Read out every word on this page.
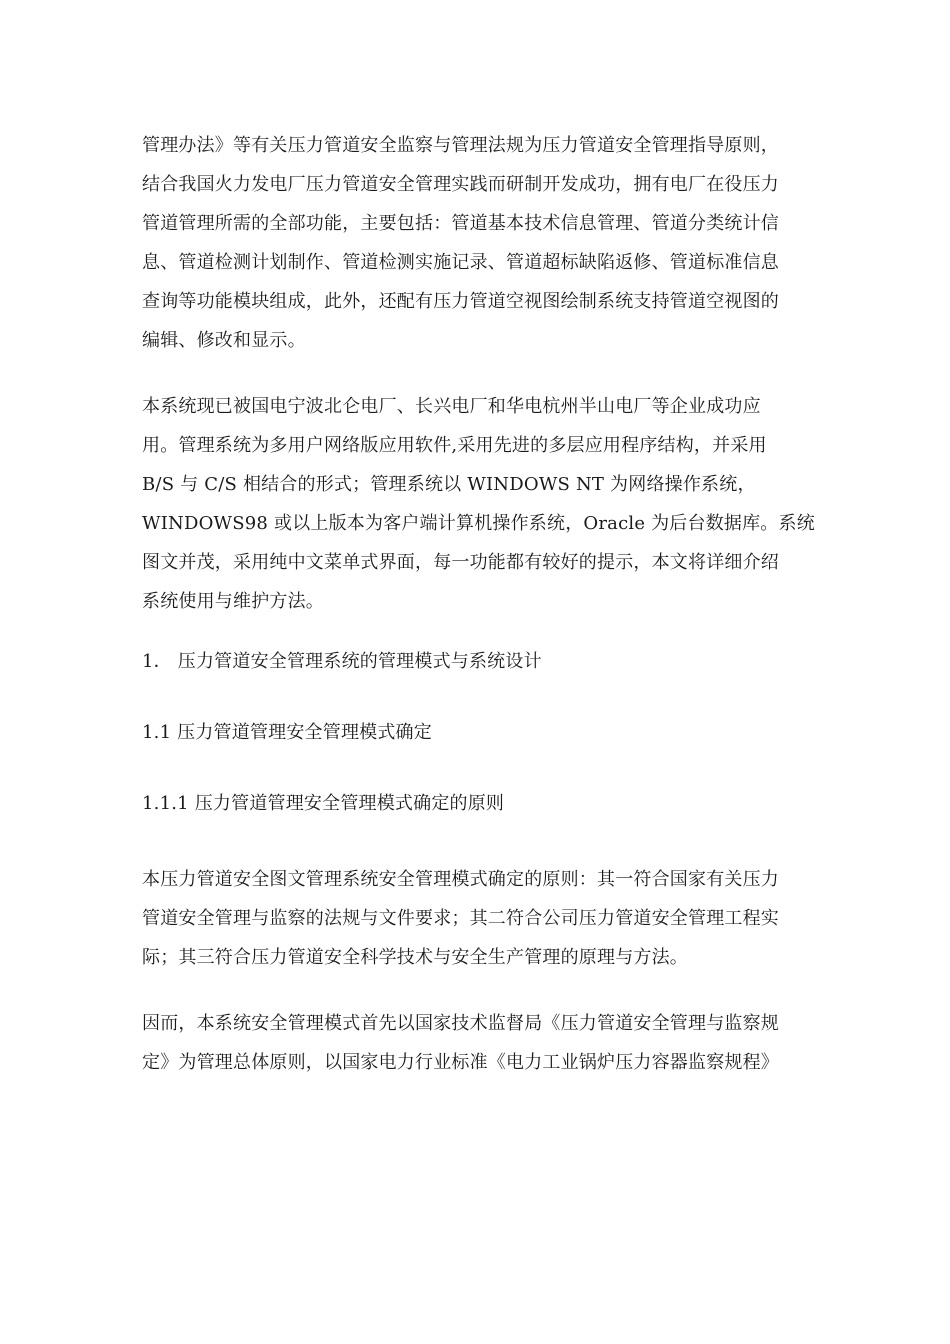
管理办法》等有关压力管道安全监察与管理法规为压力管道安全管理指导原则，
结合我国火力发电厂压力管道安全管理实践而研制开发成功，拥有电厂在役压力
管道管理所需的全部功能，主要包括：管道基本技术信息管理、管道分类统计信
息、管道检测计划制作、管道检测实施记录、管道超标缺陷返修、管道标准信息
查询等功能模块组成，此外，还配有压力管道空视图绘制系统支持管道空视图的
编辑、修改和显示。
本系统现已被国电宁波北仑电厂、长兴电厂和华电杭州半山电厂等企业成功应
用。管理系统为多用户网络版应用软件,采用先进的多层应用程序结构，并采用
B/S 与 C/S 相结合的形式；管理系统以 WINDOWS NT 为网络操作系统，
WINDOWS98 或以上版本为客户端计算机操作系统，Oracle 为后台数据库。系统
图文并茂，采用纯中文菜单式界面，每一功能都有较好的提示，本文将详细介绍
系统使用与维护方法。
1． 压力管道安全管理系统的管理模式与系统设计
1.1 压力管道管理安全管理模式确定
1.1.1 压力管道管理安全管理模式确定的原则
本压力管道安全图文管理系统安全管理模式确定的原则：其一符合国家有关压力
管道安全管理与监察的法规与文件要求；其二符合公司压力管道安全管理工程实
际；其三符合压力管道安全科学技术与安全生产管理的原理与方法。
因而，本系统安全管理模式首先以国家技术监督局《压力管道安全管理与监察规
定》为管理总体原则，以国家电力行业标准《电力工业锅炉压力容器监察规程》
